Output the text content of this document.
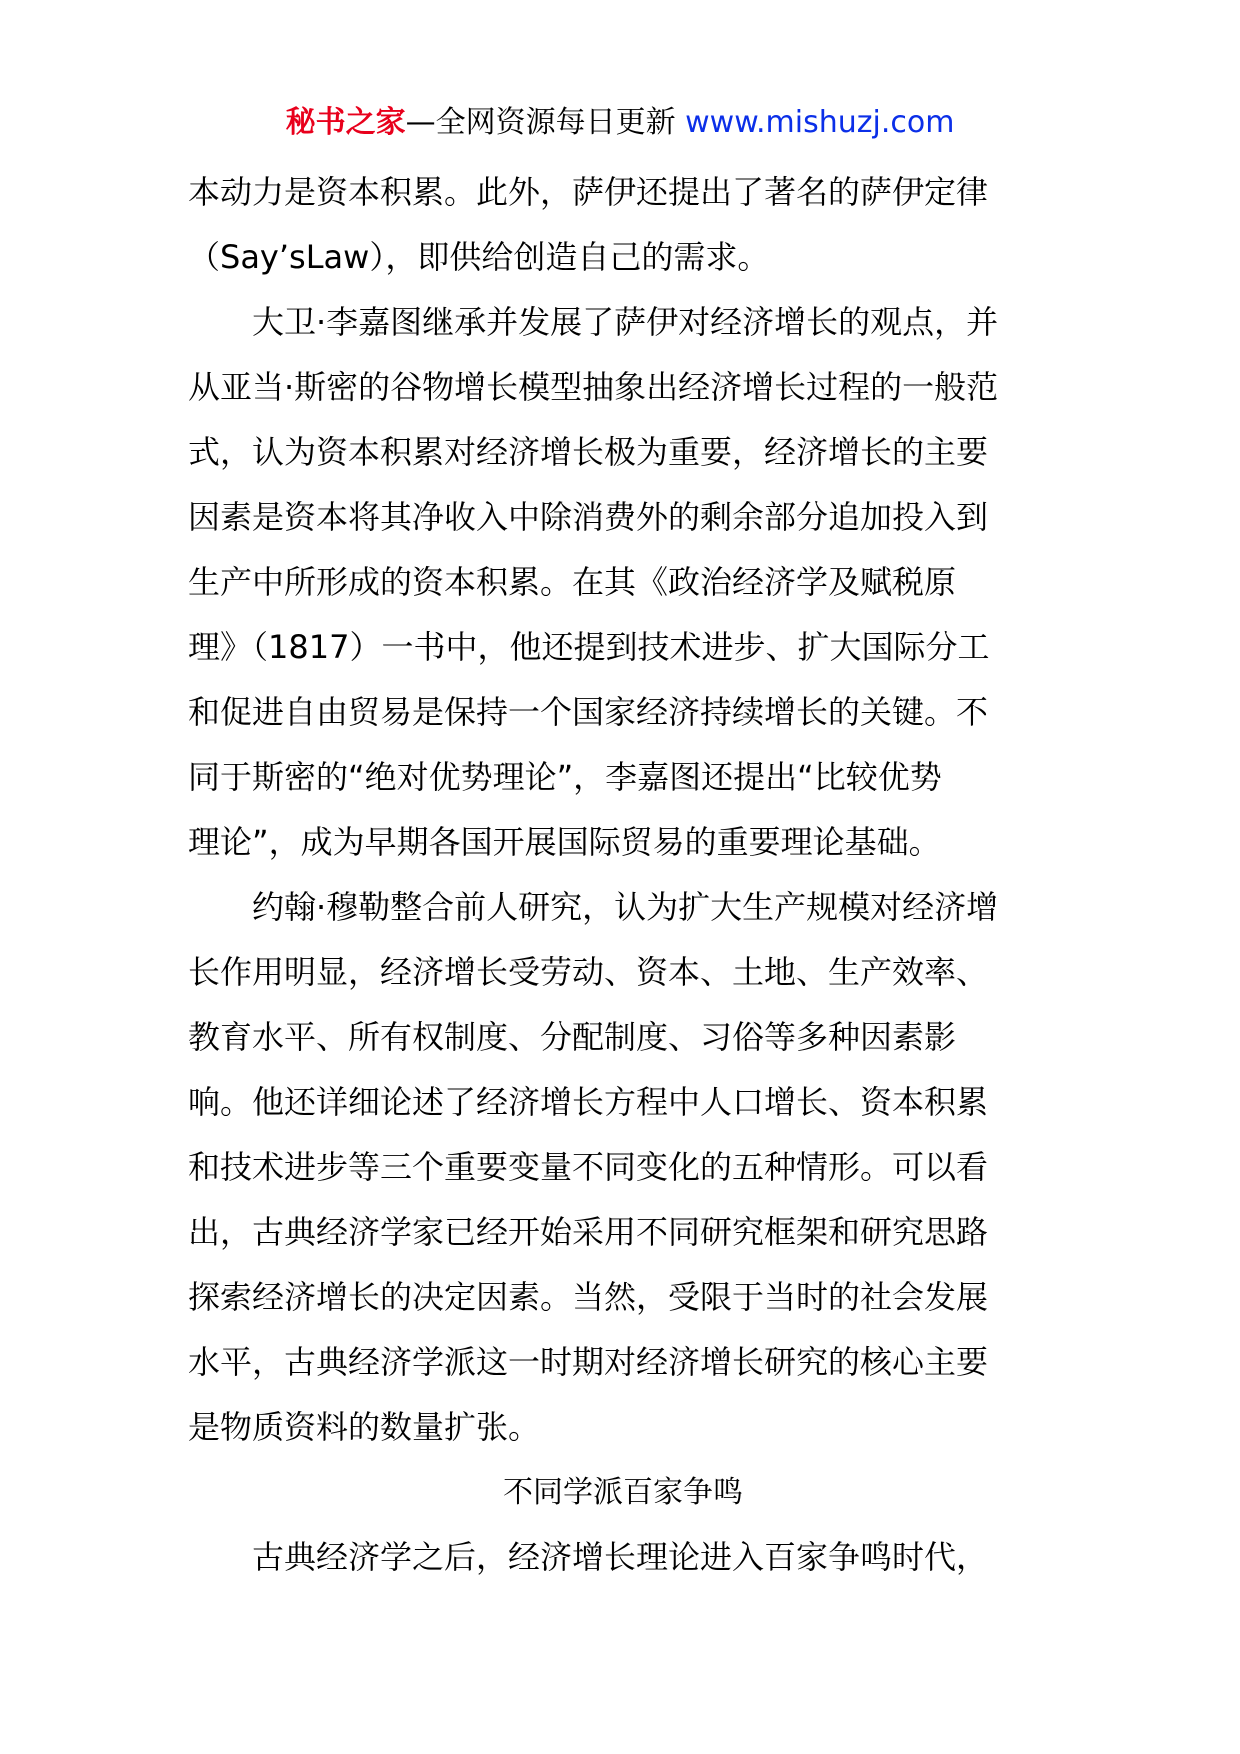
秘书之家—全网资源每日更新 www.mishuzj.com
本动力是资本积累。此外，萨伊还提出了著名的萨伊定律
（Say’sLaw），即供给创造自己的需求。
大卫·李嘉图继承并发展了萨伊对经济增长的观点，并
从亚当·斯密的谷物增长模型抽象出经济增长过程的一般范
式，认为资本积累对经济增长极为重要，经济增长的主要
因素是资本将其净收入中除消费外的剩余部分追加投入到
生产中所形成的资本积累。在其《政治经济学及赋税原
理》（1817）一书中，他还提到技术进步、扩大国际分工
和促进自由贸易是保持一个国家经济持续增长的关键。不
同于斯密的“绝对优势理论”，李嘉图还提出“比较优势
理论”，成为早期各国开展国际贸易的重要理论基础。
约翰·穆勒整合前人研究，认为扩大生产规模对经济增
长作用明显，经济增长受劳动、资本、土地、生产效率、
教育水平、所有权制度、分配制度、习俗等多种因素影
响。他还详细论述了经济增长方程中人口增长、资本积累
和技术进步等三个重要变量不同变化的五种情形。可以看
出，古典经济学家已经开始采用不同研究框架和研究思路
探索经济增长的决定因素。当然，受限于当时的社会发展
水平，古典经济学派这一时期对经济增长研究的核心主要
是物质资料的数量扩张。
不同学派百家争鸣
古典经济学之后，经济增长理论进入百家争鸣时代，
